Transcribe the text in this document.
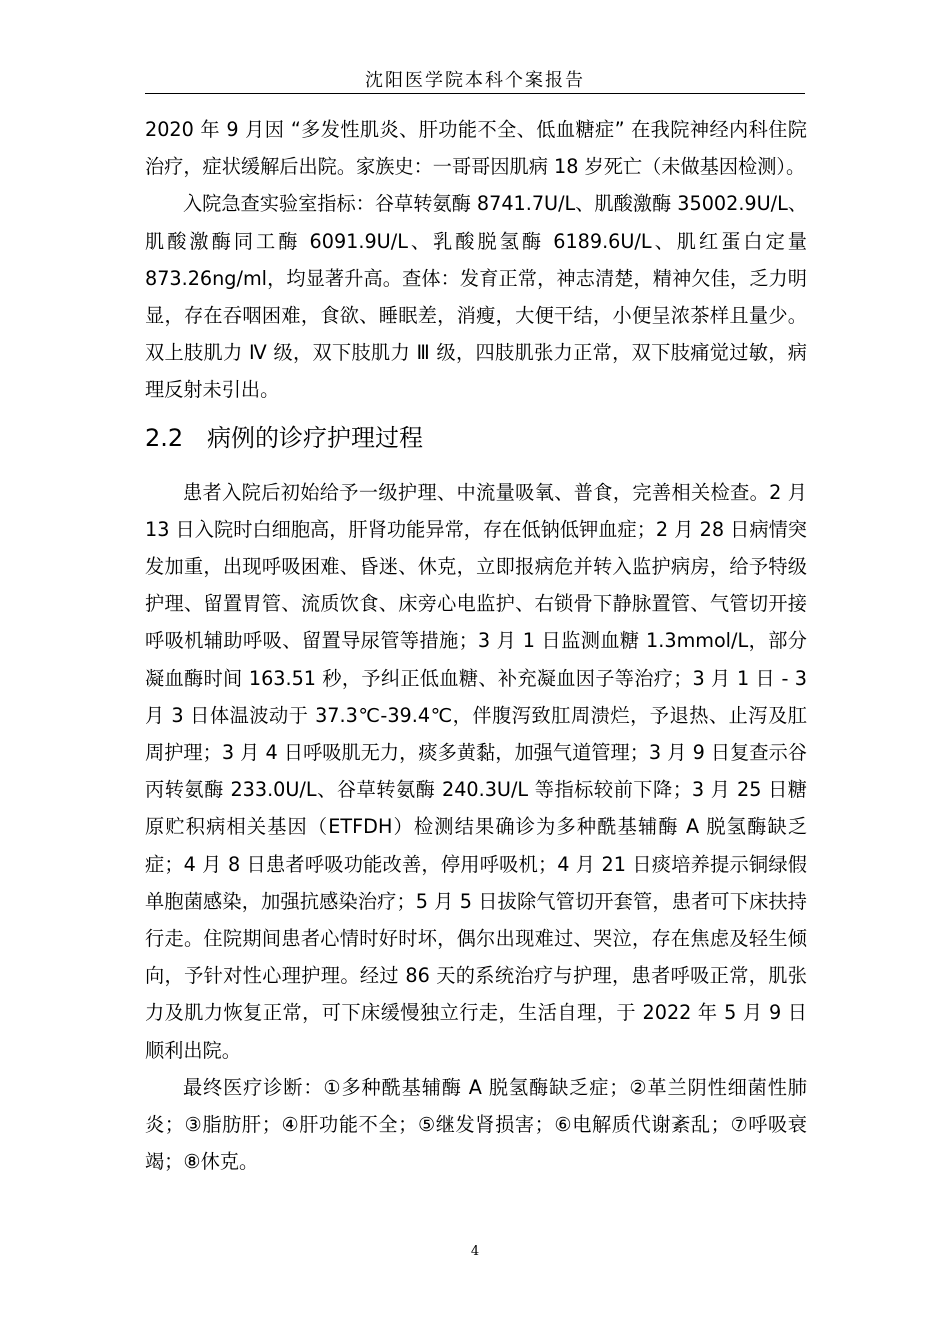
沈阳医学院本科个案报告

2020 年 9 月因 “多发性肌炎、肝功能不全、低血糖症” 在我院神经内科住院治疗，症状缓解后出院。家族史：一哥哥因肌病 18 岁死亡（未做基因检测）。

入院急查实验室指标：谷草转氨酶 8741.7U/L、肌酸激酶 35002.9U/L、肌酸激酶同工酶 6091.9U/L、乳酸脱氢酶 6189.6U/L、肌红蛋白定量 873.26ng/ml，均显著升高。查体：发育正常，神志清楚，精神欠佳，乏力明显，存在吞咽困难，食欲、睡眠差，消瘦，大便干结，小便呈浓茶样且量少。双上肢肌力 Ⅳ 级，双下肢肌力 Ⅲ 级，四肢肌张力正常，双下肢痛觉过敏，病理反射未引出。

2.2 病例的诊疗护理过程

患者入院后初始给予一级护理、中流量吸氧、普食，完善相关检查。2 月 13 日入院时白细胞高，肝肾功能异常，存在低钠低钾血症；2 月 28 日病情突发加重，出现呼吸困难、昏迷、休克，立即报病危并转入监护病房，给予特级护理、留置胃管、流质饮食、床旁心电监护、右锁骨下静脉置管、气管切开接呼吸机辅助呼吸、留置导尿管等措施；3 月 1 日监测血糖 1.3mmol/L，部分凝血酶时间 163.51 秒，予纠正低血糖、补充凝血因子等治疗；3 月 1 日 - 3 月 3 日体温波动于 37.3℃-39.4℃，伴腹泻致肛周溃烂，予退热、止泻及肛周护理；3 月 4 日呼吸肌无力，痰多黄黏，加强气道管理；3 月 9 日复查示谷丙转氨酶 233.0U/L、谷草转氨酶 240.3U/L 等指标较前下降；3 月 25 日糖原贮积病相关基因（ETFDH）检测结果确诊为多种酰基辅酶 A 脱氢酶缺乏症；4 月 8 日患者呼吸功能改善，停用呼吸机；4 月 21 日痰培养提示铜绿假单胞菌感染，加强抗感染治疗；5 月 5 日拔除气管切开套管，患者可下床扶持行走。住院期间患者心情时好时坏，偶尔出现难过、哭泣，存在焦虑及轻生倾向，予针对性心理护理。经过 86 天的系统治疗与护理，患者呼吸正常，肌张力及肌力恢复正常，可下床缓慢独立行走，生活自理，于 2022 年 5 月 9 日顺利出院。

最终医疗诊断：①多种酰基辅酶 A 脱氢酶缺乏症；②革兰阴性细菌性肺炎；③脂肪肝；④肝功能不全；⑤继发肾损害；⑥电解质代谢紊乱；⑦呼吸衰竭；⑧休克。

4
